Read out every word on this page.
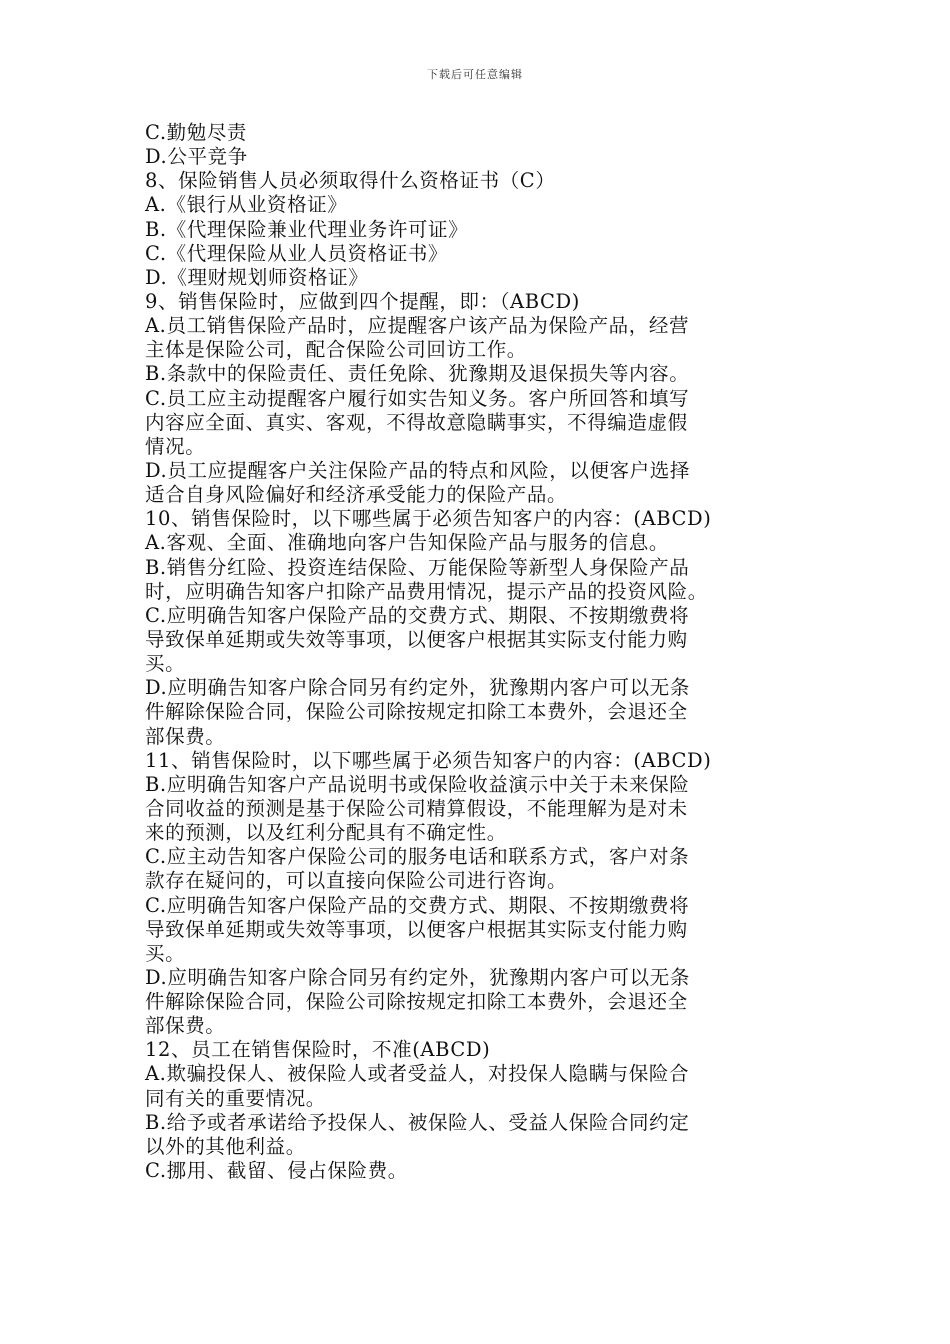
下载后可任意编辑
C.勤勉尽责
D.公平竞争
8、保险销售人员必须取得什么资格证书（C）
A.《银行从业资格证》
B.《代理保险兼业代理业务许可证》
C.《代理保险从业人员资格证书》
D.《理财规划师资格证》
9、销售保险时，应做到四个提醒，即：（ABCD)
A.员工销售保险产品时，应提醒客户该产品为保险产品，经营
主体是保险公司，配合保险公司回访工作。
B.条款中的保险责任、责任免除、犹豫期及退保损失等内容。
C.员工应主动提醒客户履行如实告知义务。客户所回答和填写
内容应全面、真实、客观，不得故意隐瞒事实，不得编造虚假
情况。
D.员工应提醒客户关注保险产品的特点和风险，以便客户选择
适合自身风险偏好和经济承受能力的保险产品。
10、销售保险时，以下哪些属于必须告知客户的内容：(ABCD)
A.客观、全面、准确地向客户告知保险产品与服务的信息。
B.销售分红险、投资连结保险、万能保险等新型人身保险产品
时，应明确告知客户扣除产品费用情况，提示产品的投资风险。
C.应明确告知客户保险产品的交费方式、期限、不按期缴费将
导致保单延期或失效等事项，以便客户根据其实际支付能力购
买。
D.应明确告知客户除合同另有约定外，犹豫期内客户可以无条
件解除保险合同，保险公司除按规定扣除工本费外，会退还全
部保费。
11、销售保险时，以下哪些属于必须告知客户的内容：(ABCD)
B.应明确告知客户产品说明书或保险收益演示中关于未来保险
合同收益的预测是基于保险公司精算假设，不能理解为是对未
来的预测，以及红利分配具有不确定性。
C.应主动告知客户保险公司的服务电话和联系方式，客户对条
款存在疑问的，可以直接向保险公司进行咨询。
C.应明确告知客户保险产品的交费方式、期限、不按期缴费将
导致保单延期或失效等事项，以便客户根据其实际支付能力购
买。
D.应明确告知客户除合同另有约定外，犹豫期内客户可以无条
件解除保险合同，保险公司除按规定扣除工本费外，会退还全
部保费。
12、员工在销售保险时，不准(ABCD)
A.欺骗投保人、被保险人或者受益人，对投保人隐瞒与保险合
同有关的重要情况。
B.给予或者承诺给予投保人、被保险人、受益人保险合同约定
以外的其他利益。
C.挪用、截留、侵占保险费。
